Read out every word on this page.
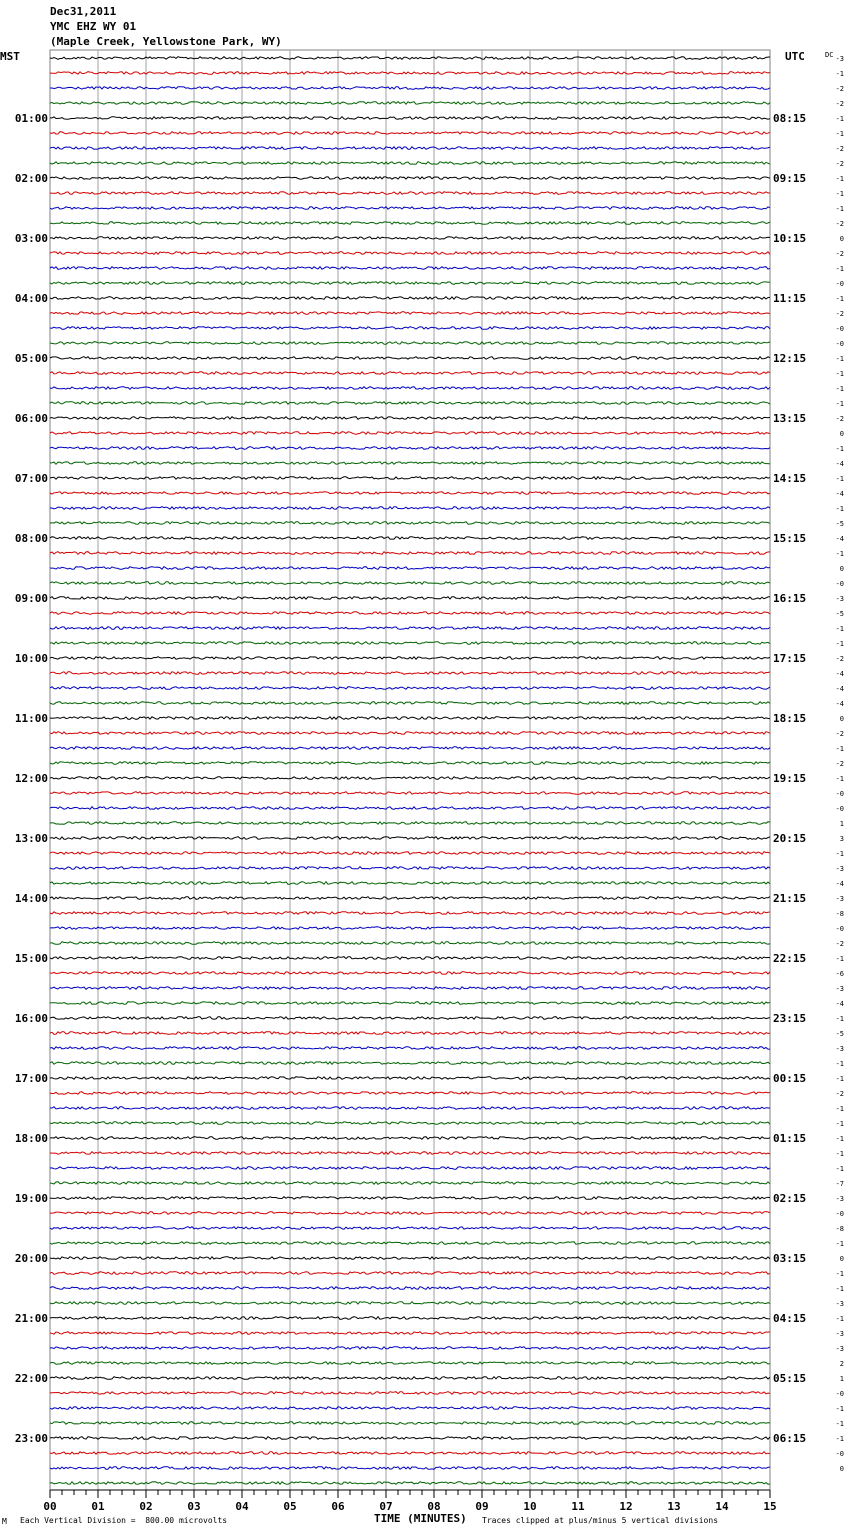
Dec31,2011
YMC EHZ WY 01
(Maple Creek, Yellowstone Park, WY)
MST	UTC
00	01	02	03	04	05	06	07	08	09	10	11	12	13	14	15
01:00	08:15
02:00	09:15
03:00	10:15
04:00	11:15
05:00	12:15
06:00	13:15
07:00	14:15
08:00	15:15
09:00	16:15
10:00	17:15
11:00	18:15
12:00	19:15
13:00	20:15
14:00	21:15
15:00	22:15
16:00	23:15
17:00	00:15
18:00	01:15
19:00	02:15
20:00	03:15
21:00	04:15
22:00	05:15
23:00	06:15
DC -3
-1
-2
-2
-1
-1
-2
-2
-1
-1
-1
-2
0
-2
-1
-0
-1
-2
-0
-0
-1
-1
-1
-1
-2
0
-1
-4
-1
-4
-1
-5
-4
-1
0
-0
-3
-5
-1
-1
-2
-4
-4
-4
0
-2
-1
-2
-1
-0
-0
1
3
-1
-3
-4
-3
-8
-0
-2
-1
-6
-3
-4
-1
-5
-3
-1
-1
-2
-1
-1
-1
-1
-1
-7
-3
-0
-8
-1
0
-1
-1
-3
-1
-3
-3
2
1
-0
-1
-1
-1
-0
0
M Each Vertical Division =  800.00 microvolts	TIME (MINUTES) Traces clipped at plus/minus 5 vertical divisions
